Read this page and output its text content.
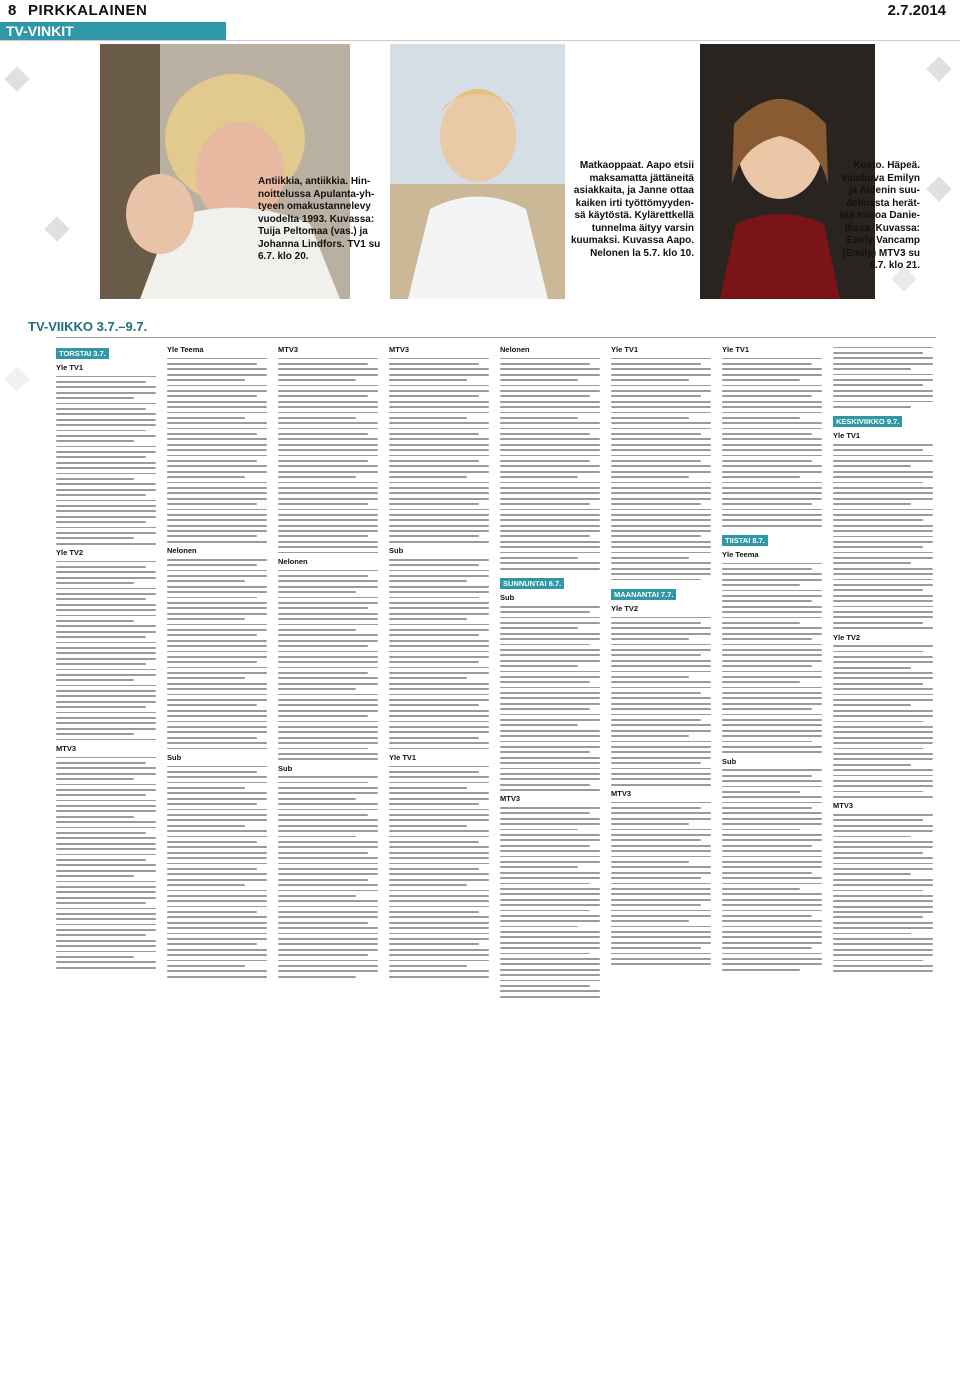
8 PIRKKALAINEN	2.7.2014
TV-VINKIT
Antiikkia, antiikkia. Hin-
noittelussa Apulanta-yh-
tyeen omakustannelevy
vuodelta 1993. Kuvassa:
Tuija Peltomaa (vas.) ja
Johanna Lindfors. TV1 su
6.7. klo 20.
Matkaoppaat. Aapo etsii
maksamatta jättäneitä
asiakkaita, ja Janne ottaa
kaiken irti työttömyyden-
sä käytöstä. Kylärettkellä
tunnelma äityy varsin
kuumaksi. Kuvassa Aapo.
Nelonen la 5.7. klo 10.
Kosto. Häpeä.
Valokuva Emilyn
ja Aidenin suu-
delmasta herät-
tää toivoa Danie-
llissa. Kuvassa:
Emily Vancamp
(Emily) MTV3 su
6.7. klo 21.
TV-VIIKKO 3.7.–9.7.
TORSTAI 3.7.
Yle TV1
Yle TV2
MTV3
Yle Teema
Nelonen
Sub
MTV3
Nelonen
Sub
MTV3
Sub
Yle TV1
Nelonen
SUNNUNTAI 6.7.
Sub
MTV3
Yle TV1
MAANANTAI 7.7.
Yle TV2
MTV3
Yle TV1
TIISTAI 8.7.
Yle Teema
Sub
KESKIVIIKKO 9.7.
Yle TV1
Yle TV2
MTV3
